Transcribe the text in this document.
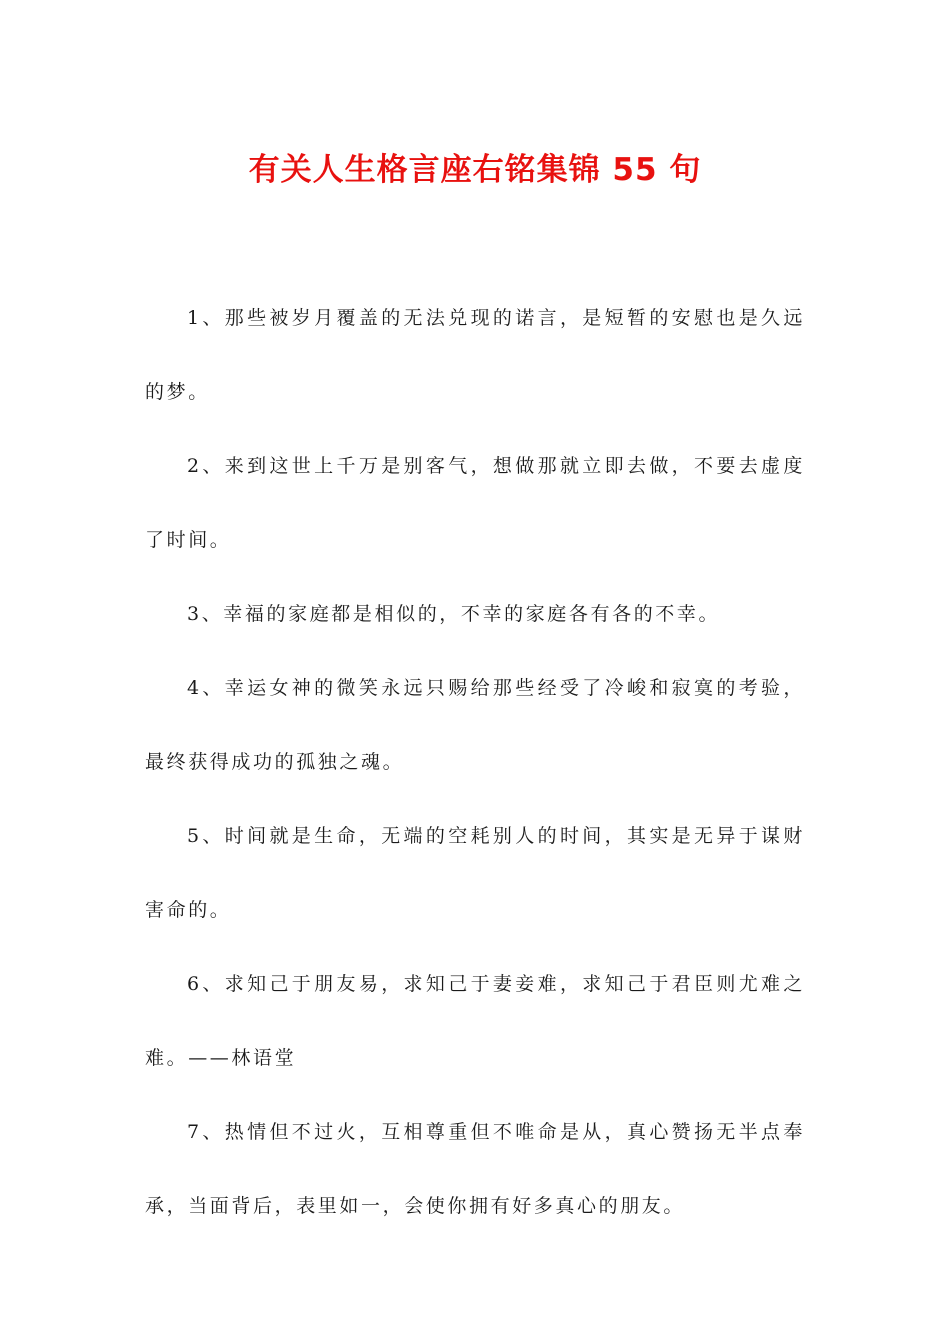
有关人生格言座右铭集锦 55 句

1、那些被岁月覆盖的无法兑现的诺言，是短暂的安慰也是久远的梦。

2、来到这世上千万是别客气，想做那就立即去做，不要去虚度了时间。

3、幸福的家庭都是相似的，不幸的家庭各有各的不幸。

4、幸运女神的微笑永远只赐给那些经受了冷峻和寂寞的考验，最终获得成功的孤独之魂。

5、时间就是生命，无端的空耗别人的时间，其实是无异于谋财害命的。

6、求知己于朋友易，求知己于妻妾难，求知己于君臣则尤难之难。——林语堂

7、热情但不过火，互相尊重但不唯命是从，真心赞扬无半点奉承，当面背后，表里如一，会使你拥有好多真心的朋友。
